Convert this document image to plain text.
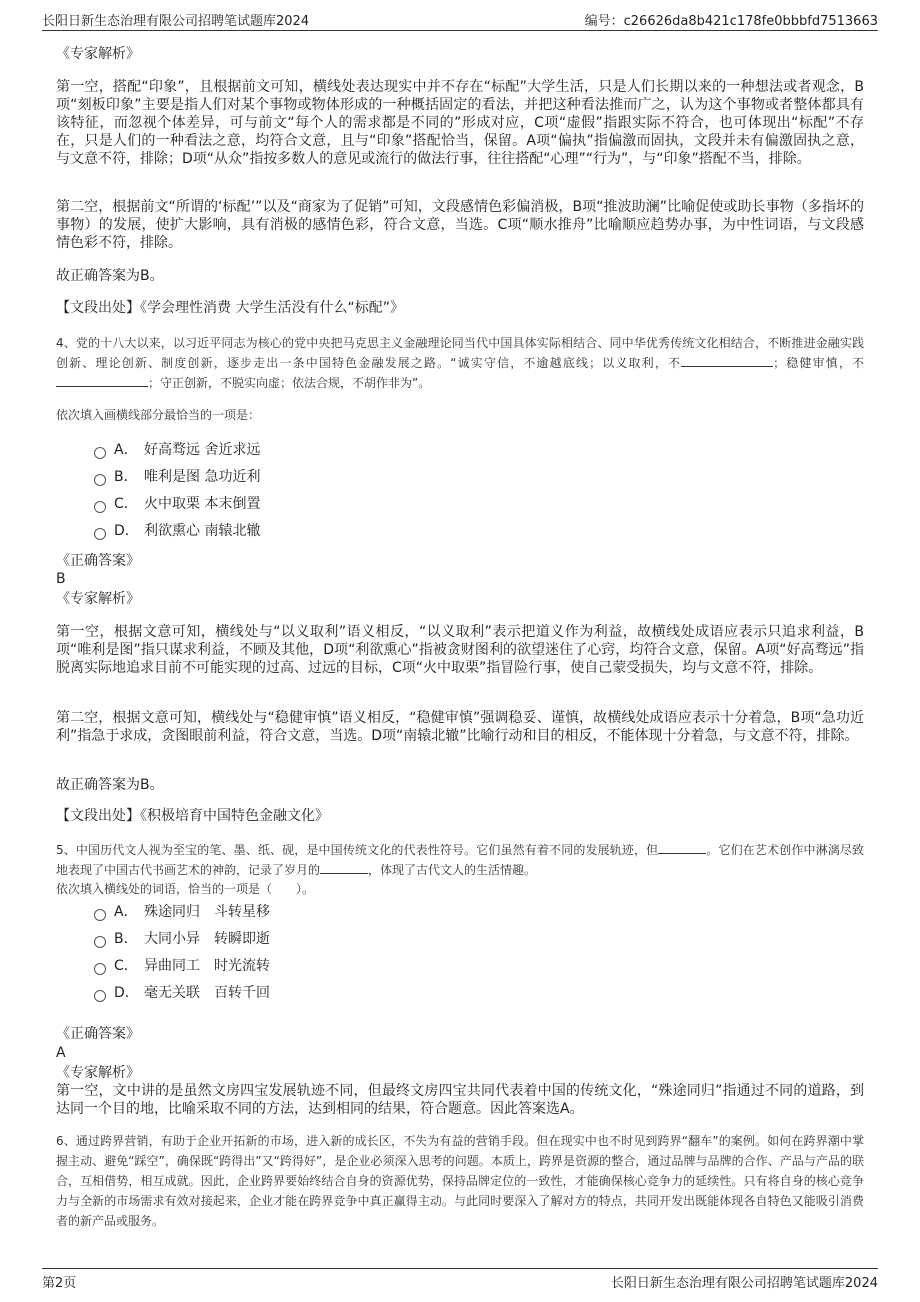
长阳日新生态治理有限公司招聘笔试题库2024	编号：c26626da8b421c178fe0bbbfd7513663
《专家解析》

第一空，搭配“印象”，且根据前文可知，横线处表达现实中并不存在“标配”大学生活，只是人们长期以来的一种想法或者观念，B项“刻板印象”主要是指人们对某个事物或物体形成的一种概括固定的看法，并把这种看法推而广之，认为这个事物或者整体都具有该特征，而忽视个体差异，可与前文“每个人的需求都是不同的”形成对应，C项“虚假”指跟实际不符合，也可体现出“标配”不存在，只是人们的一种看法之意，均符合文意，且与“印象”搭配恰当，保留。A项“偏执”指偏激而固执，文段并未有偏激固执之意，与文意不符，排除；D项“从众”指按多数人的意见或流行的做法行事，往往搭配“心理”“行为”，与“印象”搭配不当，排除。

第二空，根据前文“所谓的‘标配’”以及“商家为了促销”可知，文段感情色彩偏消极，B项“推波助澜”比喻促使或助长事物（多指坏的事物）的发展，使扩大影响，具有消极的感情色彩，符合文意，当选。C项“顺水推舟”比喻顺应趋势办事，为中性词语，与文段感情色彩不符，排除。

故正确答案为B。
【文段出处】《学会理性消费 大学生活没有什么“标配”》

4、党的十八大以来，以习近平同志为核心的党中央把马克思主义金融理论同当代中国具体实际相结合、同中华优秀传统文化相结合，不断推进金融实践创新、理论创新、制度创新，逐步走出一条中国特色金融发展之路。“诚实守信，不逾越底线；以义取利，不	；稳健审慎，不；守正创新，不脱实向虚；依法合规，不胡作非为”。

依次填入画横线部分最恰当的一项是：
A． 好高骛远 舍近求远
B． 唯利是图 急功近利
C． 火中取栗 本末倒置
D． 利欲熏心 南辕北辙
《正确答案》
B
《专家解析》

第一空，根据文意可知，横线处与“以义取利”语义相反，“以义取利”表示把道义作为利益，故横线处成语应表示只追求利益，B项“唯利是图”指只谋求利益，不顾及其他，D项“利欲熏心”指被贪财图利的欲望迷住了心窍，均符合文意，保留。A项“好高骛远”指脱离实际地追求目前不可能实现的过高、过远的目标，C项“火中取栗”指冒险行事，使自己蒙受损失，均与文意不符，排除。

第二空，根据文意可知，横线处与“稳健审慎”语义相反，“稳健审慎”强调稳妥、谨慎，故横线处成语应表示十分着急，B项“急功近利”指急于求成，贪图眼前利益，符合文意，当选。D项“南辕北辙”比喻行动和目的相反，不能体现十分着急，与文意不符，排除。

故正确答案为B。
【文段出处】《积极培育中国特色金融文化》

5、中国历代文人视为至宝的笔、墨、纸、砚，是中国传统文化的代表性符号。它们虽然有着不同的发展轨迹，但	。它们在艺术创作中淋漓尽致地表现了中国古代书画艺术的神韵，记录了岁月的	，体现了古代文人的生活情趣。

依次填入横线处的词语，恰当的一项是（　　）。
A． 殊途同归　斗转星移
B． 大同小异　转瞬即逝
C． 异曲同工　时光流转
D． 毫无关联　百转千回
《正确答案》
A
《专家解析》

第一空，文中讲的是虽然文房四宝发展轨迹不同，但最终文房四宝共同代表着中国的传统文化，“殊途同归”指通过不同的道路，到达同一个目的地，比喻采取不同的方法，达到相同的结果，符合题意。因此答案选A。

6、通过跨界营销，有助于企业开拓新的市场，进入新的成长区，不失为有益的营销手段。但在现实中也不时见到跨界“翻车”的案例。如何在跨界潮中掌握主动、避免“踩空”，确保既“跨得出”又“跨得好”，是企业必须深入思考的问题。本质上，跨界是资源的整合，通过品牌与品牌的合作、产品与产品的联合，互相借势，相互成就。因此，企业跨界要始终结合自身的资源优势，保持品牌定位的一致性，才能确保核心竞争力的延续性。只有将自身的核心竞争力与全新的市场需求有效对接起来，企业才能在跨界竞争中真正赢得主动。与此同时要深入了解对方的特点，共同开发出既能体现各自特色又能吸引消费者的新产品或服务。

第2页	长阳日新生态治理有限公司招聘笔试题库2024
